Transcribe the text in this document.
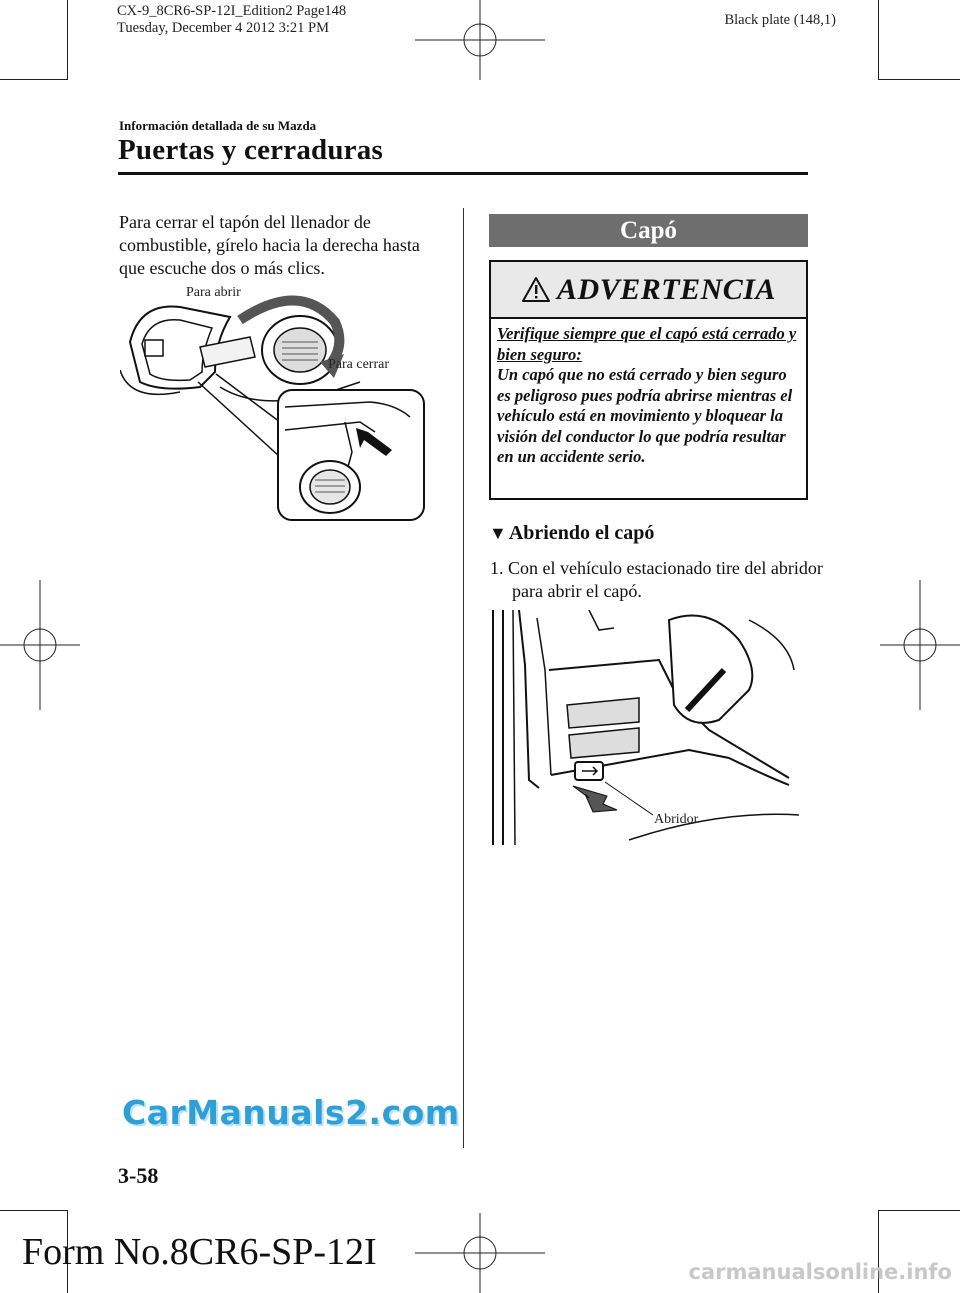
CX-9_8CR6-SP-12I_Edition2 Page148
Tuesday, December 4 2012 3:21 PM	Black plate (148,1)
Información detallada de su Mazda
Puertas y cerraduras
Para cerrar el tapón del llenador de combustible, gírelo hacia la derecha hasta que escuche dos o más clics.
Para abrir
Para cerrar
Capó
ADVERTENCIA
Verifique siempre que el capó está cerrado y bien seguro:
Un capó que no está cerrado y bien seguro es peligroso pues podría abrirse mientras el vehículo está en movimiento y bloquear la visión del conductor lo que podría resultar en un accidente serio.
▼ Abriendo el capó
1. Con el vehículo estacionado tire del abridor para abrir el capó.
Abridor
3-58
CarManuals2.com
Form No.8CR6-SP-12I	carmanualsonline.info
